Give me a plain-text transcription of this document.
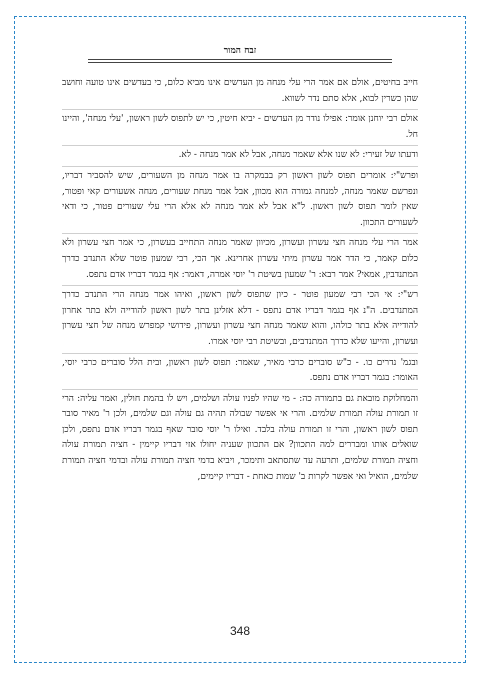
זבח המור

חייב בחיטים, אולם אם אמר הרי עלי מנחה מן העדשים אינו מביא כלום, כי בעדשים אינו טועה וחושב שהן כשרין לבוא, אלא סתם נדר לשווא.

אולם רבי יוחנן אומר: אפילו נודר מן העדשים - יביא חיטין, כי יש לתפוס לשון ראשון, 'עלי מנחה', והיינו חל.

ודעתו של זעירי: לא שנו אלא שאמר מנחה, אבל לא אמר מנחה - לא.

ופרש"י: אומרים תפוס לשון ראשון רק בבמקרה בו אמר מנחה מן השעורים, שיש להסביר דבריו, ונפרשם שאמר מנחה, למנחה גמורה הוא מכוון, אבל אמר מנחת שעורים, מנחה אשעורים קאי ופטור, שאין לומר תפוס לשון ראשון. ל"א אבל לא אמר מנחה לא אלא הרי עלי שעורים פטור, כי ודאי לשעורים התכוון.

אמר הרי עלי מנחה חצי עשרון ועשרון, מכיוון שאמר מנחה התחייב בעשרון, כי אמר חצי עשרון ולא כלום קאמר, כי הדר אמר עשרון מיתי עשרון אחרינא. אך הכי, רבי שמעון פוטר שלא התנדב כדרך המתנדבין, אמאי? אמר רבא: ר' שמעון בשיטת ר' יוסי אמרה, דאמר: אף בגמר דבריו אדם נתפס.

רש"י: אי הכי רבי שמעון פוטר - כיון שתפוס לשון ראשון, ואיהו אמר מנחה הרי התנדב כדרך המתנדבים. ה"נ אף בגמר דבריו אדם נתפס - דלא אזלינן בתר לשון ראשון להודייה ולא בתר אחרון להודייה אלא בתר כולהו, והוא שאמר מנחה חצי עשרון ועשרון, פידושי קמפרש מנחה של חצי עשרון ועשרון, והייעו שלא כדרך המתנדבים, ובשיטת רבי יוסי אמרו.

ובגמ' נדרים כו. - כ"ש סוברים כרבי מאיר, שאמר: תפוס לשון ראשון, ובית הלל סוברים כרבי יוסי, האומר: בגמר דבריו אדם נתפס.

והמחלוקת מובאת גם בתמורה כה: - מי שהיו לפניו עולה ושלמים, ויש לו בהמת חולין, ואמר עליה: הרי זו תמורת עולה תמורת שלמים. והרי אי אפשר שבולה תהיה גם עולה וגם שלמים, ולכן ר' מאיר סובר תפוס לשון ראשון, והרי זו תמורת עולה בלבד. ואילו ר' יוסי סובר שאף בגמר דבריו אדם נתפס, ולכן שואלים אותו ומבררים למה התכוון? אם התכוון שעניה יחולו אזי דבריו קיימין - חציה תמורת עולה וחציה תמורת שלמים, ותרעה עד שתסתאב ותימכר, ויביא בדמי חציה תמורת עולה ובדמי חציה תמורת שלמים, הואיל ואי אפשר לקרות ב' שמות כאחת - דבריו קיימים,

348
